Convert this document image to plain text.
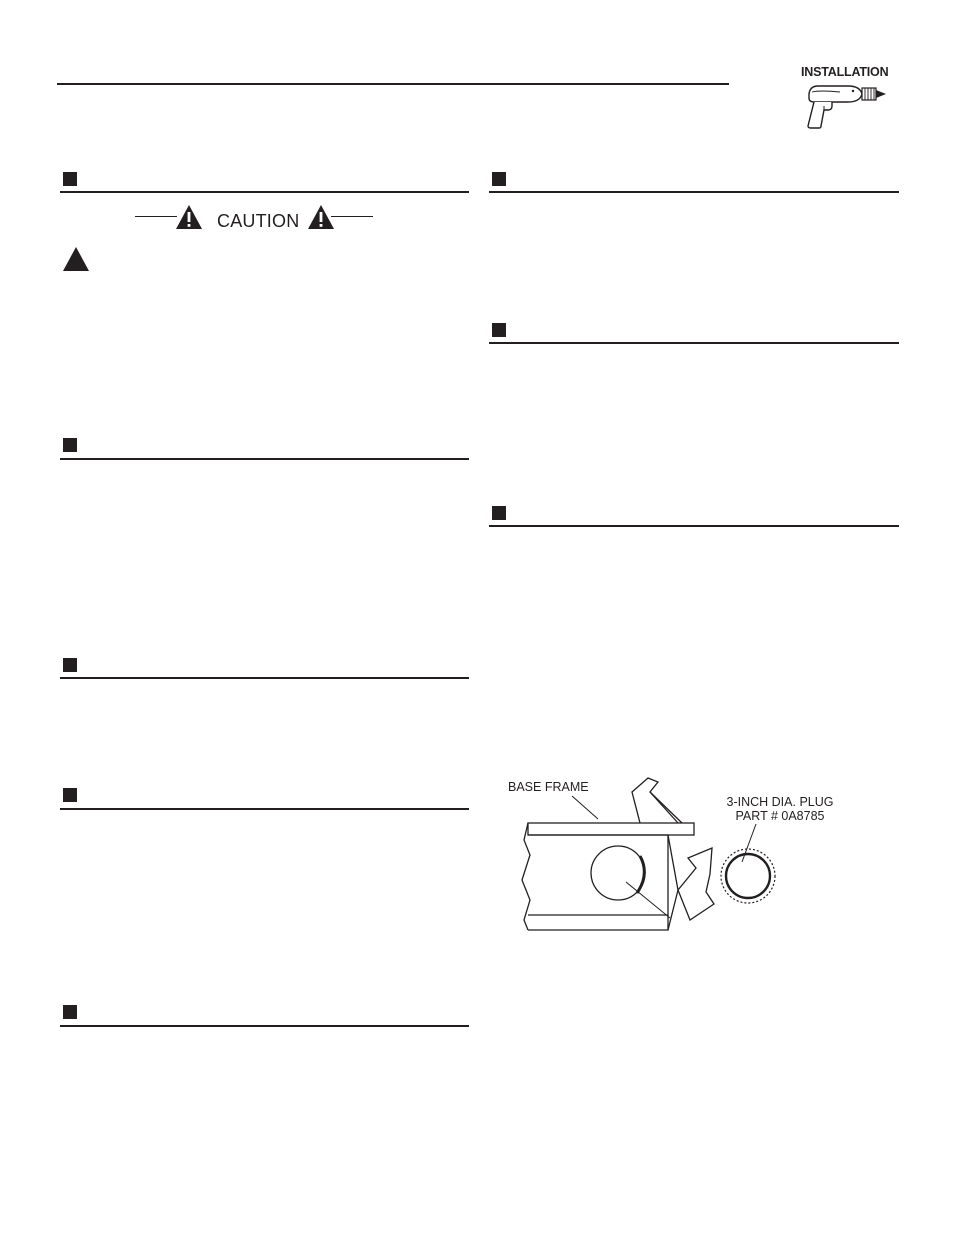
INSTALLATION
CAUTION
BASE FRAME
3-INCH DIA. PLUG
PART # 0A8785
